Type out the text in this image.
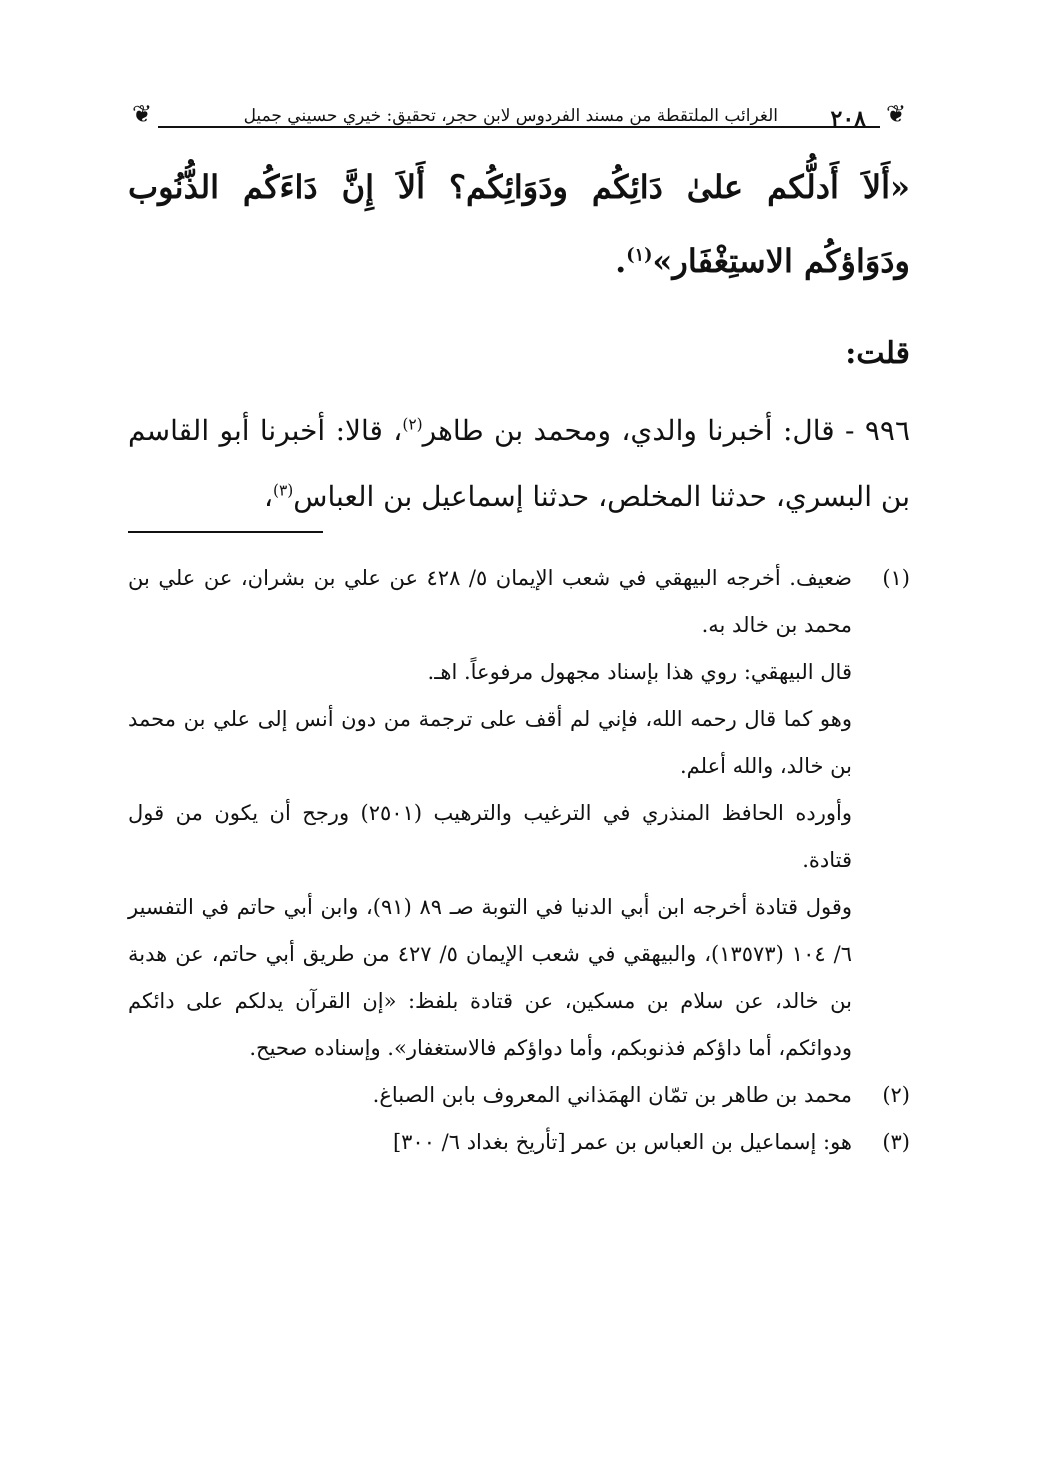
❦
❦	٢٠٨
الغرائب الملتقطة من مسند الفردوس لابن حجر، تحقيق: خيري حسيني جميل

«أَلاَ أَدلُّكم علىٰ دَائِكُم ودَوَائِكُم؟ أَلاَ إِنَّ دَاءَكُم الذُّنُوب ودَوَاؤكُم الاستِغْفَار»$^{(١)}$.

قلت:

٩٩٦ - قال: أخبرنا والدي، ومحمد بن طاهر$^{(٢)}$، قالا: أخبرنا أبو القاسم بن البسري، حدثنا المخلص، حدثنا إسماعيل بن العباس$^{(٣)}$،

(١)

ضعيف. أخرجه البيهقي في شعب الإيمان ٥/ ٤٢٨ عن علي بن بشران، عن علي بن محمد بن خالد به.

قال البيهقي: روي هذا بإسناد مجهول مرفوعاً. اهـ.

وهو كما قال رحمه الله، فإني لم أقف على ترجمة من دون أنس إلى علي بن محمد بن خالد، والله أعلم.

وأورده الحافظ المنذري في الترغيب والترهيب (٢٥٠١) ورجح أن يكون من قول قتادة.

وقول قتادة أخرجه ابن أبي الدنيا في التوبة صـ ٨٩ (٩١)، وابن أبي حاتم في التفسير ٦/ ١٠٤ (١٣٥٧٣)، والبيهقي في شعب الإيمان ٥/ ٤٢٧ من طريق أبي حاتم، عن هدبة بن خالد، عن سلام بن مسكين، عن قتادة بلفظ: «إن القرآن يدلكم على دائكم ودوائكم، أما داؤكم فذنوبكم، وأما دواؤكم فالاستغفار». وإسناده صحيح.

(٢)

محمد بن طاهر بن تمّان الهمَذاني المعروف بابن الصباغ.

(٣)

هو: إسماعيل بن العباس بن عمر [تأريخ بغداد ٦/ ٣٠٠]
